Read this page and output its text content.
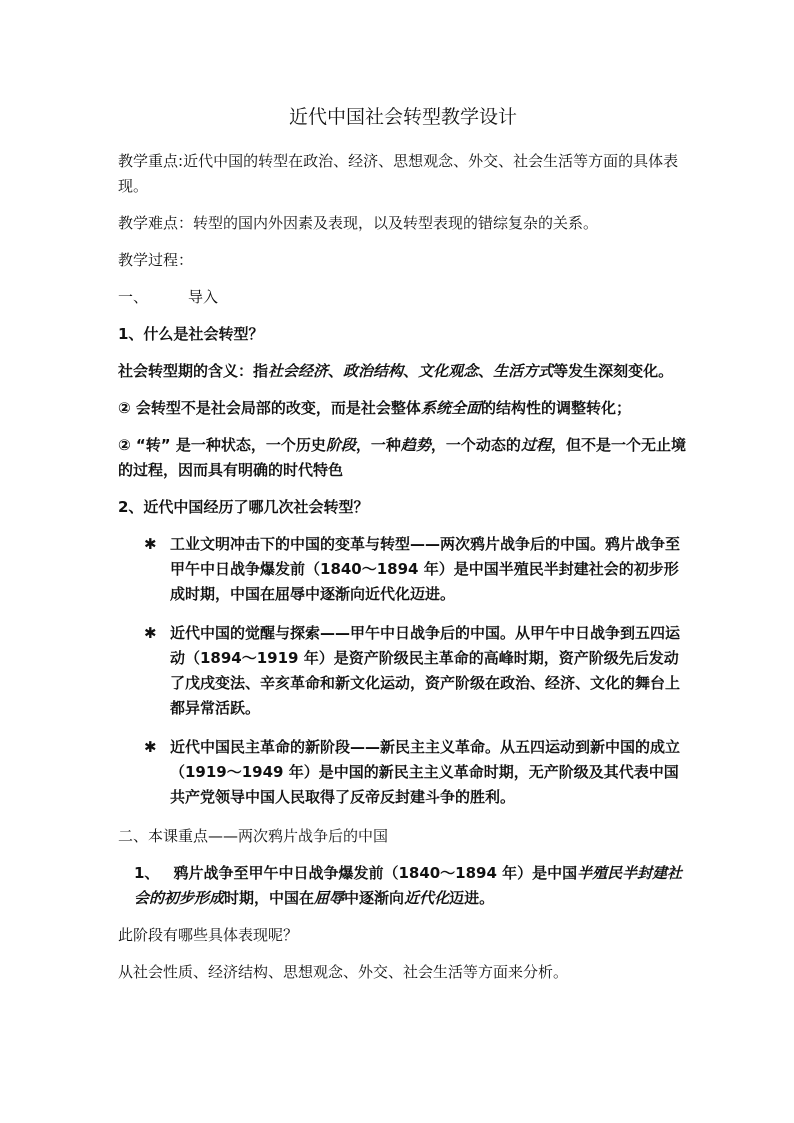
近代中国社会转型教学设计

教学重点:近代中国的转型在政治、经济、思想观念、外交、社会生活等方面的具体表现。

教学难点：转型的国内外因素及表现，以及转型表现的错综复杂的关系。

教学过程：

一、	导入

1、什么是社会转型？

社会转型期的含义：指社会经济、政治结构、文化观念、生活方式等发生深刻变化。

② 会转型不是社会局部的改变，而是社会整体系统全面的结构性的调整转化；

② “转” 是一种状态，一个历史阶段，一种趋势，一个动态的过程，但不是一个无止境的过程，因而具有明确的时代特色

2、近代中国经历了哪几次社会转型？

✱ 工业文明冲击下的中国的变革与转型——两次鸦片战争后的中国。鸦片战争至甲午中日战争爆发前（1840～1894 年）是中国半殖民半封建社会的初步形成时期，中国在屈辱中逐渐向近代化迈进。
✱ 近代中国的觉醒与探索——甲午中日战争后的中国。从甲午中日战争到五四运动（1894～1919 年）是资产阶级民主革命的高峰时期，资产阶级先后发动了戊戌变法、辛亥革命和新文化运动，资产阶级在政治、经济、文化的舞台上都异常活跃。
✱ 近代中国民主革命的新阶段——新民主主义革命。从五四运动到新中国的成立（1919～1949 年）是中国的新民主主义革命时期，无产阶级及其代表中国共产党领导中国人民取得了反帝反封建斗争的胜利。

二、本课重点——两次鸦片战争后的中国

1、 鸦片战争至甲午中日战争爆发前（1840～1894 年）是中国半殖民半封建社会的初步形成时期，中国在屈辱中逐渐向近代化迈进。

此阶段有哪些具体表现呢？

从社会性质、经济结构、思想观念、外交、社会生活等方面来分析。
